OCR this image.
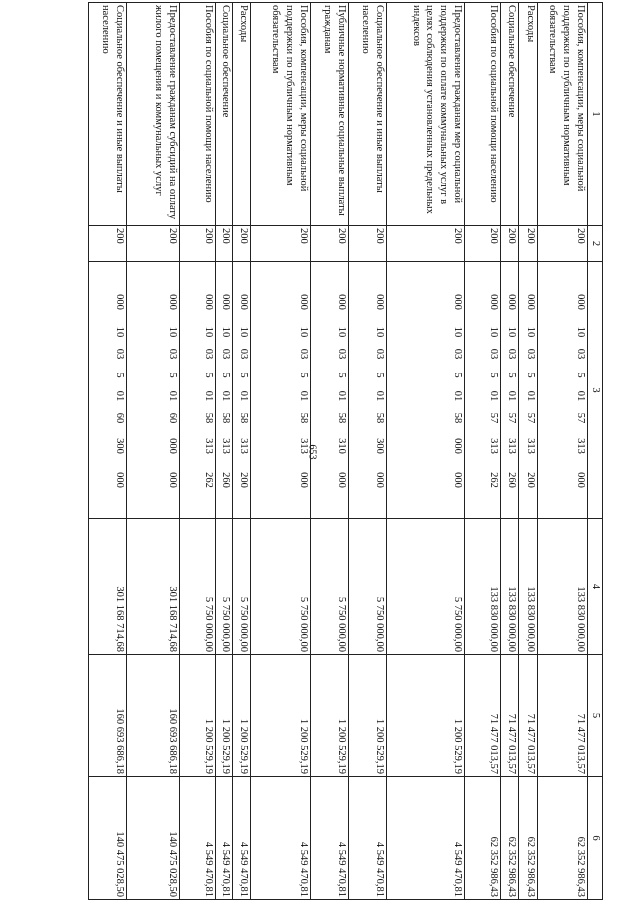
653
1	2	3	4	5	6
Пособия, компенсации, меры социальной поддержки по публичным нормативным обязательствам	200	000100350157313000	133 830 000,00	71 477 013,57	62 352 986,43
Расходы	200	000100350157313200	133 830 000,00	71 477 013,57	62 352 986,43
Социальное обеспечение	200	000100350157313260	133 830 000,00	71 477 013,57	62 352 986,43
Пособия по социальной помощи населению	200	000100350157313262	133 830 000,00	71 477 013,57	62 352 986,43
Предоставление гражданам мер социальной поддержки по оплате коммунальных услуг в целях соблюдения установленных предельных индексов	200	000100350158000000	5 750 000,00	1 200 529,19	4 549 470,81
Социальное обеспечение и иные выплаты населению	200	000100350158300000	5 750 000,00	1 200 529,19	4 549 470,81
Публичные нормативные социальные выплаты гражданам	200	000100350158310000	5 750 000,00	1 200 529,19	4 549 470,81
Пособия, компенсации, меры социальной поддержки по публичным нормативным обязательствам	200	000100350158313000	5 750 000,00	1 200 529,19	4 549 470,81
Расходы	200	000100350158313200	5 750 000,00	1 200 529,19	4 549 470,81
Социальное обеспечение	200	000100350158313260	5 750 000,00	1 200 529,19	4 549 470,81
Пособия по социальной помощи населению	200	000100350158313262	5 750 000,00	1 200 529,19	4 549 470,81
Предоставление гражданам субсидий на оплату жилого помещения и коммунальных услуг	200	000100350160000000	301 168 714,68	160 693 686,18	140 475 028,50
Социальное обеспечение и иные выплаты населению	200	000100350160300000	301 168 714,68	160 693 686,18	140 475 028,50
